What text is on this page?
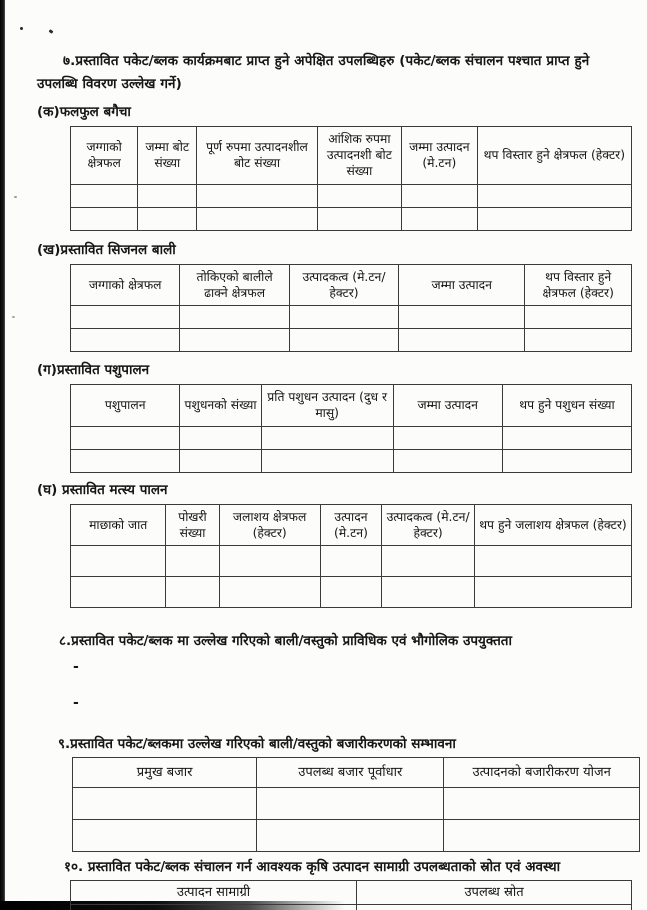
७.प्रस्तावित पकेट/ब्लक कार्यक्रमबाट प्राप्त हुने अपेक्षित उपलब्धिहरु (पकेट/ब्लक संचालन पश्चात प्राप्त हुने
उपलब्धि विवरण उल्लेख गर्ने)
(क)फलफुल बगैचा
जग्गाको क्षेत्रफल	जम्मा बोट संख्या	पूर्ण रुपमा उत्पादनशील बोट संख्या	आंशिक रुपमा उत्पादनशी बोट संख्या	जम्मा उत्पादन (मे.टन)	थप विस्तार हुने क्षेत्रफल (हेक्टर)

(ख)प्रस्तावित सिजनल बाली
जग्गाको क्षेत्रफल	तोकिएको बालीले ढाक्ने क्षेत्रफल	उत्पादकत्व (मे.टन/हेक्टर)	जम्मा उत्पादन	थप विस्तार हुने क्षेत्रफल (हेक्टर)

(ग)प्रस्तावित पशुपालन
पशुपालन	पशुधनको संख्या	प्रति पशुधन उत्पादन (दुध र मासु)	जम्मा उत्पादन	थप हुने पशुधन संख्या

(घ) प्रस्तावित मत्स्य पालन
माछाको जात	पोखरी संख्या	जलाशय क्षेत्रफल (हेक्टर)	उत्पादन (मे.टन)	उत्पादकत्व (मे.टन/हेक्टर)	थप हुने जलाशय क्षेत्रफल (हेक्टर)

८.प्रस्तावित पकेट/ब्लक मा उल्लेख गरिएको बाली/वस्तुको प्राविधिक एवं भौगोलिक उपयुक्तता
-
-
९.प्रस्तावित पकेट/ब्लकमा उल्लेख गरिएको बाली/वस्तुको बजारीकरणको सम्भावना
प्रमुख बजार	उपलब्ध बजार पूर्वाधार	उत्पादनको बजारीकरण योजन

१०. प्रस्तावित पकेट/ब्लक संचालन गर्न आवश्यक कृषि उत्पादन सामाग्री उपलब्धताको स्रोत एवं अवस्था
उत्पादन सामाग्री	उपलब्ध स्रोत
